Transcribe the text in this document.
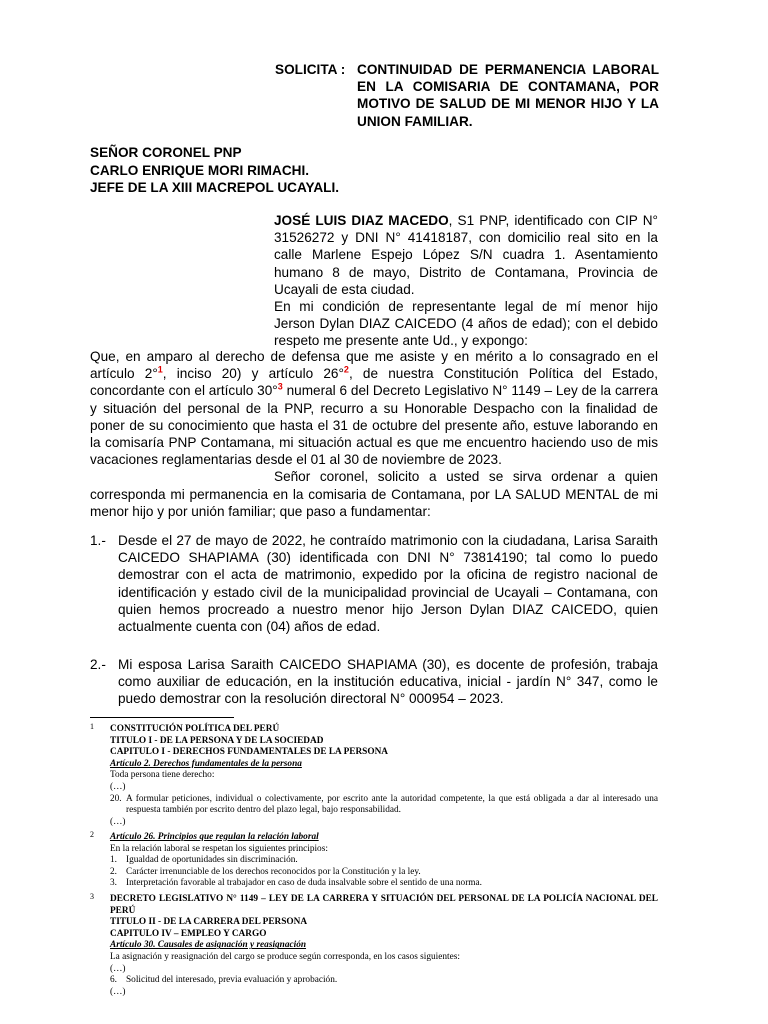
SOLICITA : CONTINUIDAD DE PERMANENCIA LABORAL EN LA COMISARIA DE CONTAMANA, POR MOTIVO DE SALUD DE MI MENOR HIJO Y LA UNION FAMILIAR.
SEÑOR CORONEL PNP
CARLO ENRIQUE MORI RIMACHI.
JEFE DE LA XIII MACREPOL UCAYALI.

JOSÉ LUIS DIAZ MACEDO, S1 PNP, identificado con CIP N° 31526272 y DNI N° 41418187, con domicilio real sito en la calle Marlene Espejo López S/N cuadra 1. Asentamiento humano 8 de mayo, Distrito de Contamana, Provincia de Ucayali de esta ciudad.

En mi condición de representante legal de mí menor hijo Jerson Dylan DIAZ CAICEDO (4 años de edad); con el debido respeto me presente ante Ud., y expongo:

Que, en amparo al derecho de defensa que me asiste y en mérito a lo consagrado en el artículo 2°$^1$, inciso 20) y artículo 26°$^2$, de nuestra Constitución Política del Estado, concordante con el artículo 30°$^3$ numeral 6 del Decreto Legislativo N° 1149 – Ley de la carrera y situación del personal de la PNP, recurro a su Honorable Despacho con la finalidad de poner de su conocimiento que hasta el 31 de octubre del presente año, estuve laborando en la comisaría PNP Contamana, mi situación actual es que me encuentro haciendo uso de mis vacaciones reglamentarias desde el 01 al 30 de noviembre de 2023.

Señor coronel, solicito a usted se sirva ordenar a quien corresponda mi permanencia en la comisaria de Contamana, por LA SALUD MENTAL de mi menor hijo y por unión familiar; que paso a fundamentar:

1.- Desde el 27 de mayo de 2022, he contraído matrimonio con la ciudadana, Larisa Saraith CAICEDO SHAPIAMA (30) identificada con DNI N° 73814190; tal como lo puedo demostrar con el acta de matrimonio, expedido por la oficina de registro nacional de identificación y estado civil de la municipalidad provincial de Ucayali – Contamana, con quien hemos procreado a nuestro menor hijo Jerson Dylan DIAZ CAICEDO, quien actualmente cuenta con (04) años de edad.
2.- Mi esposa Larisa Saraith CAICEDO SHAPIAMA (30), es docente de profesión, trabaja como auxiliar de educación, en la institución educativa, inicial - jardín N° 347, como le puedo demostrar con la resolución directoral N° 000954 – 2023.
1 CONSTITUCIÓN POLÍTICA DEL PERÚ
TITULO I - DE LA PERSONA Y DE LA SOCIEDAD
CAPITULO I - DERECHOS FUNDAMENTALES DE LA PERSONA
Artículo 2. Derechos fundamentales de la persona
Toda persona tiene derecho:
(…)
20. A formular peticiones, individual o colectivamente, por escrito ante la autoridad competente, la que está obligada a dar al interesado una respuesta también por escrito dentro del plazo legal, bajo responsabilidad.
(…)
2 Artículo 26. Principios que regulan la relación laboral
En la relación laboral se respetan los siguientes principios:
1. Igualdad de oportunidades sin discriminación.
2. Carácter irrenunciable de los derechos reconocidos por la Constitución y la ley.
3. Interpretación favorable al trabajador en caso de duda insalvable sobre el sentido de una norma.
3 DECRETO LEGISLATIVO N° 1149 – LEY DE LA CARRERA Y SITUACIÓN DEL PERSONAL DE LA POLICÍA NACIONAL DEL PERÚ
TITULO II - DE LA CARRERA DEL PERSONA
CAPITULO IV – EMPLEO Y CARGO
Artículo 30. Causales de asignación y reasignación
La asignación y reasignación del cargo se produce según corresponda, en los casos siguientes:
(…)
6. Solicitud del interesado, previa evaluación y aprobación.
(…)
